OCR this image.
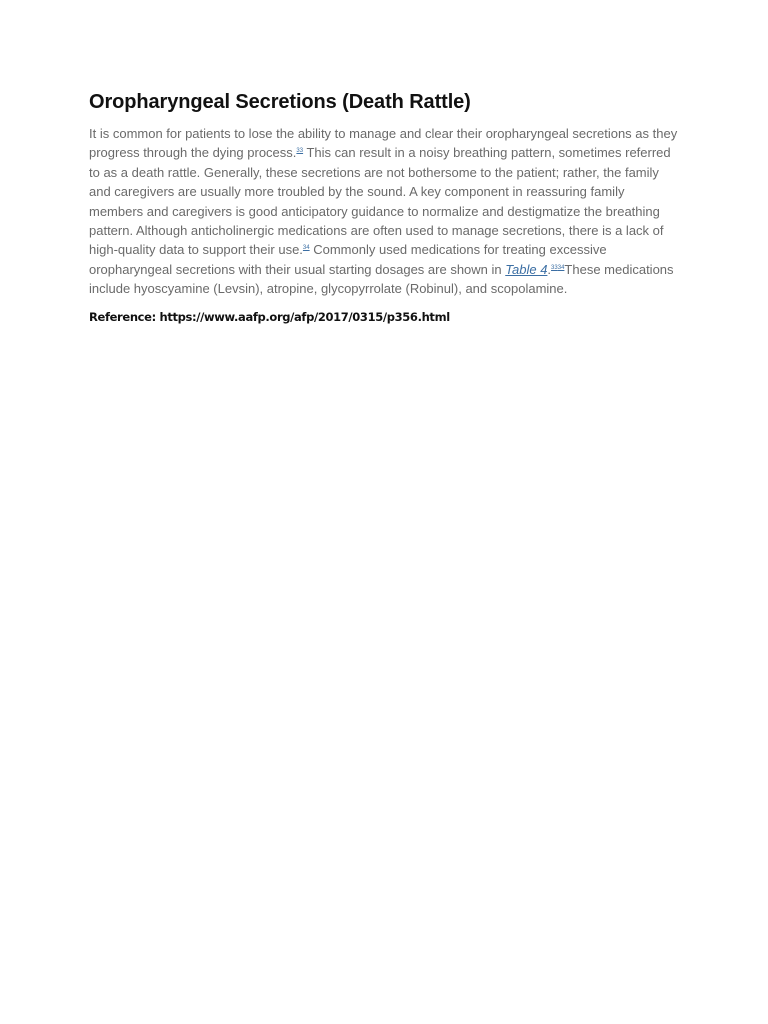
Oropharyngeal Secretions (Death Rattle)

It is common for patients to lose the ability to manage and clear their oropharyngeal secretions as they progress through the dying process.$^{33}$ This can result in a noisy breathing pattern, sometimes referred to as a death rattle. Generally, these secretions are not bothersome to the patient; rather, the family and caregivers are usually more troubled by the sound. A key component in reassuring family members and caregivers is good anticipatory guidance to normalize and destigmatize the breathing pattern. Although anticholinergic medications are often used to manage secretions, there is a lack of high-quality data to support their use.$^{34}$ Commonly used medications for treating excessive oropharyngeal secretions with their usual starting dosages are shown in Table 4.$^{3334}$These medications include hyoscyamine (Levsin), atropine, glycopyrrolate (Robinul), and scopolamine.

Reference: https://www.aafp.org/afp/2017/0315/p356.html
